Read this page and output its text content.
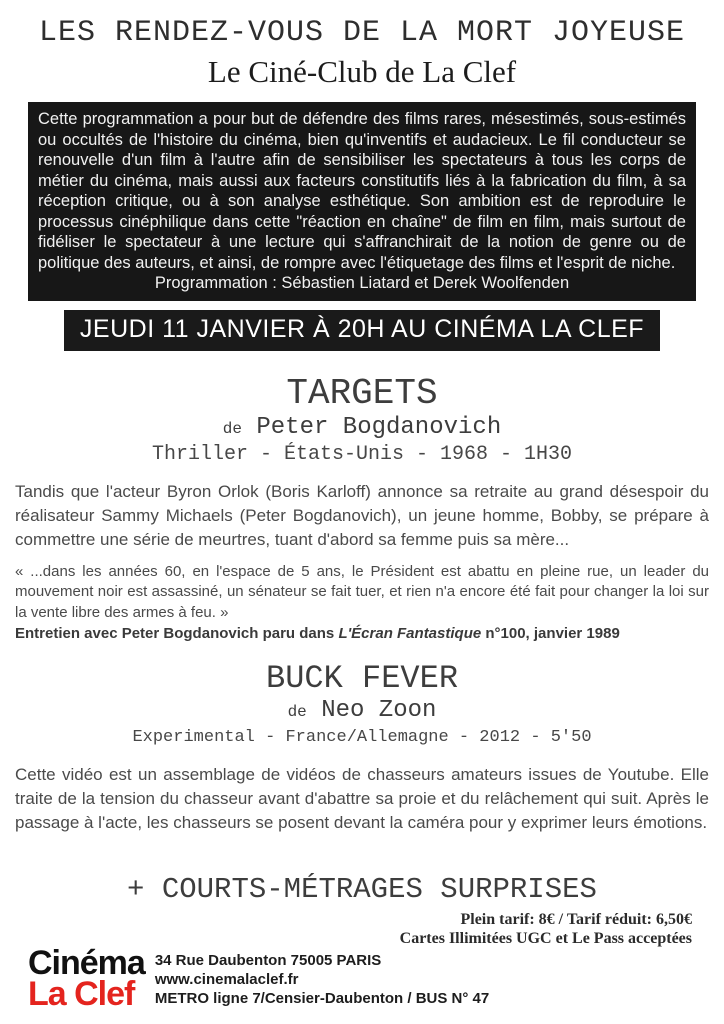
LES RENDEZ-VOUS DE LA MORT JOYEUSE
Le Ciné-Club de La Clef
Cette programmation a pour but de défendre des films rares, mésestimés, sous-estimés ou occultés de l'histoire du cinéma, bien qu'inventifs et audacieux. Le fil conducteur se renouvelle d'un film à l'autre afin de sensibiliser les spectateurs à tous les corps de métier du cinéma, mais aussi aux facteurs constitutifs liés à la fabrication du film, à sa réception critique, ou à son analyse esthétique. Son ambition est de reproduire le processus cinéphilique dans cette "réaction en chaîne" de film en film, mais surtout de fidéliser le spectateur à une lecture qui s'affranchirait de la notion de genre ou de politique des auteurs, et ainsi, de rompre avec l'étiquetage des films et l'esprit de niche.
Programmation : Sébastien Liatard et Derek Woolfenden
JEUDI 11 JANVIER À 20H AU CINÉMA LA CLEF
TARGETS
de Peter Bogdanovich
Thriller - États-Unis - 1968 - 1H30

Tandis que l'acteur Byron Orlok (Boris Karloff) annonce sa retraite au grand désespoir du réalisateur Sammy Michaels (Peter Bogdanovich), un jeune homme, Bobby, se prépare à commettre une série de meurtres, tuant d'abord sa femme puis sa mère...

« ...dans les années 60, en l'espace de 5 ans, le Président est abattu en pleine rue, un leader du mouvement noir est assassiné, un sénateur se fait tuer, et rien n'a encore été fait pour changer la loi sur la vente libre des armes à feu. »

Entretien avec Peter Bogdanovich paru dans L'Écran Fantastique n°100, janvier 1989

BUCK FEVER
de Neo Zoon
Experimental - France/Allemagne - 2012 - 5'50

Cette vidéo est un assemblage de vidéos de chasseurs amateurs issues de Youtube. Elle traite de la tension du chasseur avant d'abattre sa proie et du relâchement qui suit. Après le passage à l'acte, les chasseurs se posent devant la caméra pour y exprimer leurs émotions.

+ COURTS-MÉTRAGES SURPRISES
Plein tarif: 8€ / Tarif réduit: 6,50€
Cartes Illimitées UGC et Le Pass acceptées
Cinéma
La Clef
34 Rue Daubenton 75005 PARIS
www.cinemalaclef.fr
METRO ligne 7/Censier-Daubenton / BUS N° 47
